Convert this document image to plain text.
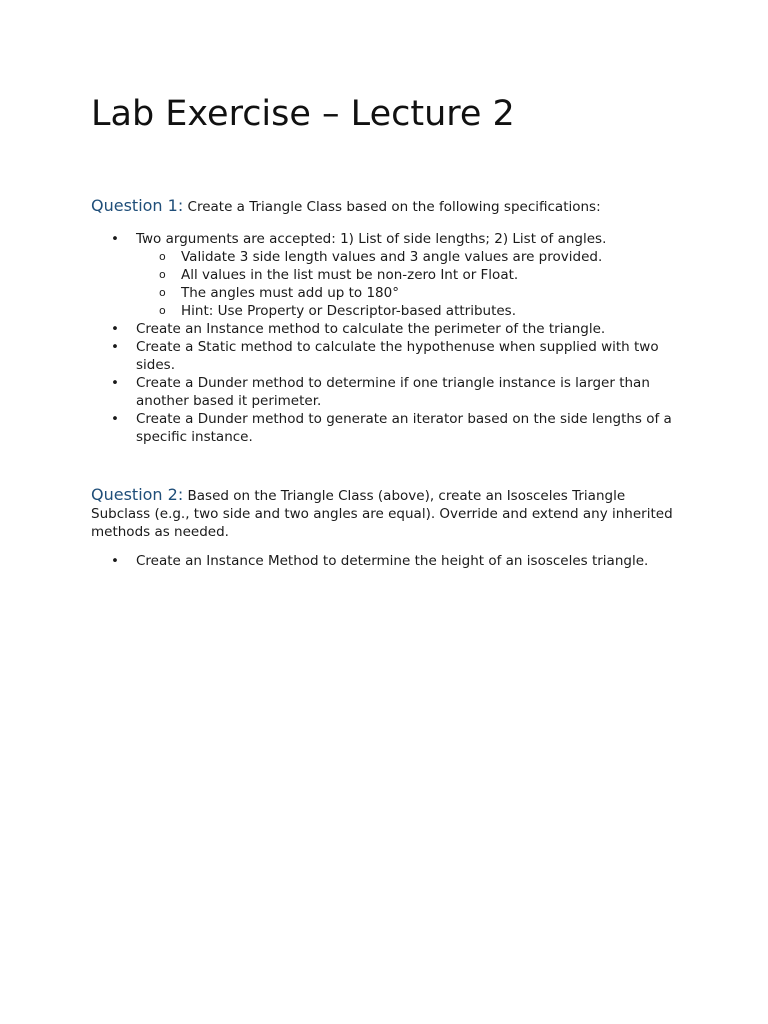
Lab Exercise – Lecture 2

Question 1: Create a Triangle Class based on the following specifications:

• Two arguments are accepted: 1) List of side lengths; 2) List of angles.
o Validate 3 side length values and 3 angle values are provided.
o All values in the list must be non-zero Int or Float.
o The angles must add up to 180°
o Hint: Use Property or Descriptor-based attributes.
• Create an Instance method to calculate the perimeter of the triangle.
• Create a Static method to calculate the hypothenuse when supplied with two sides.
• Create a Dunder method to determine if one triangle instance is larger than another based it perimeter.
• Create a Dunder method to generate an iterator based on the side lengths of a specific instance.

Question 2: Based on the Triangle Class (above), create an Isosceles Triangle Subclass (e.g., two side and two angles are equal). Override and extend any inherited methods as needed.

• Create an Instance Method to determine the height of an isosceles triangle.
